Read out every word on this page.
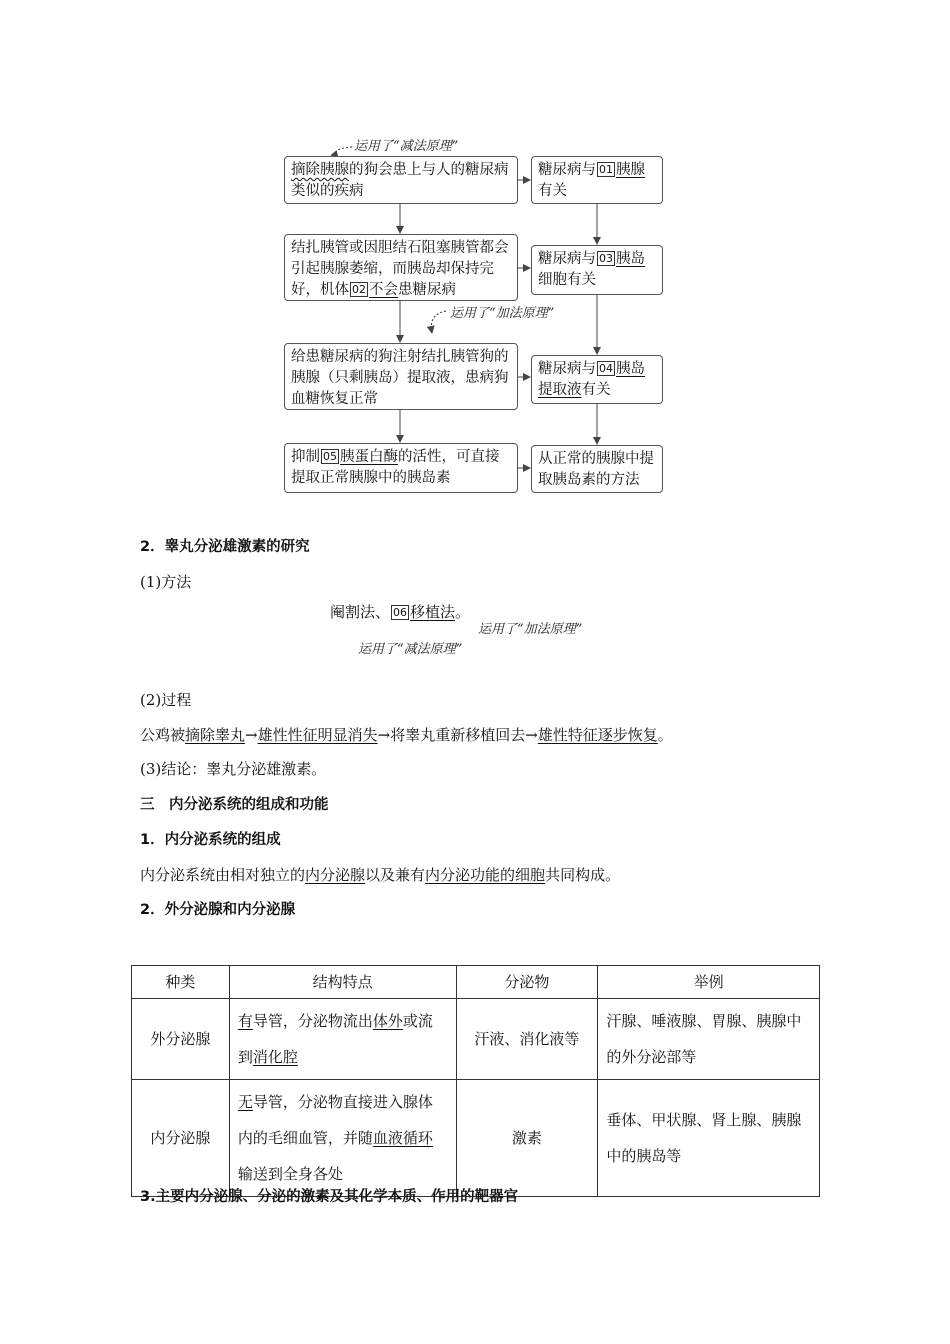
运用了“减法原理”
运用了“加法原理”
摘除胰腺的狗会患上与人的糖尿病类似的疾病
糖尿病与 01 胰腺有关
结扎胰管或因胆结石阻塞胰管都会引起胰腺萎缩，而胰岛却保持完好，机体 02 不会患糖尿病
糖尿病与 03 胰岛细胞有关
给患糖尿病的狗注射结扎胰管狗的胰腺（只剩胰岛）提取液，患病狗血糖恢复正常
糖尿病与 04 胰岛提取液有关
抑制 05 胰蛋白酶的活性，可直接提取正常胰腺中的胰岛素
从正常的胰腺中提取胰岛素的方法
2．睾丸分泌雄激素的研究
(1)方法
阉割法、 06 移植法。
运用了“加法原理”
运用了“减法原理”
(2)过程
公鸡被摘除睾丸→雄性性征明显消失→将睾丸重新移植回去→雄性特征逐步恢复。
(3)结论：睾丸分泌雄激素。
三　内分泌系统的组成和功能
1．内分泌系统的组成
内分泌系统由相对独立的内分泌腺以及兼有内分泌功能的细胞共同构成。
2．外分泌腺和内分泌腺
种类	结构特点	分泌物	举例
外分泌腺	有导管，分泌物流出体外或流到消化腔	汗液、消化液等	汗腺、唾液腺、胃腺、胰腺中的外分泌部等
内分泌腺	无导管，分泌物直接进入腺体内的毛细血管，并随血液循环输送到全身各处	激素	垂体、甲状腺、肾上腺、胰腺中的胰岛等
3.主要内分泌腺、分泌的激素及其化学本质、作用的靶器官
